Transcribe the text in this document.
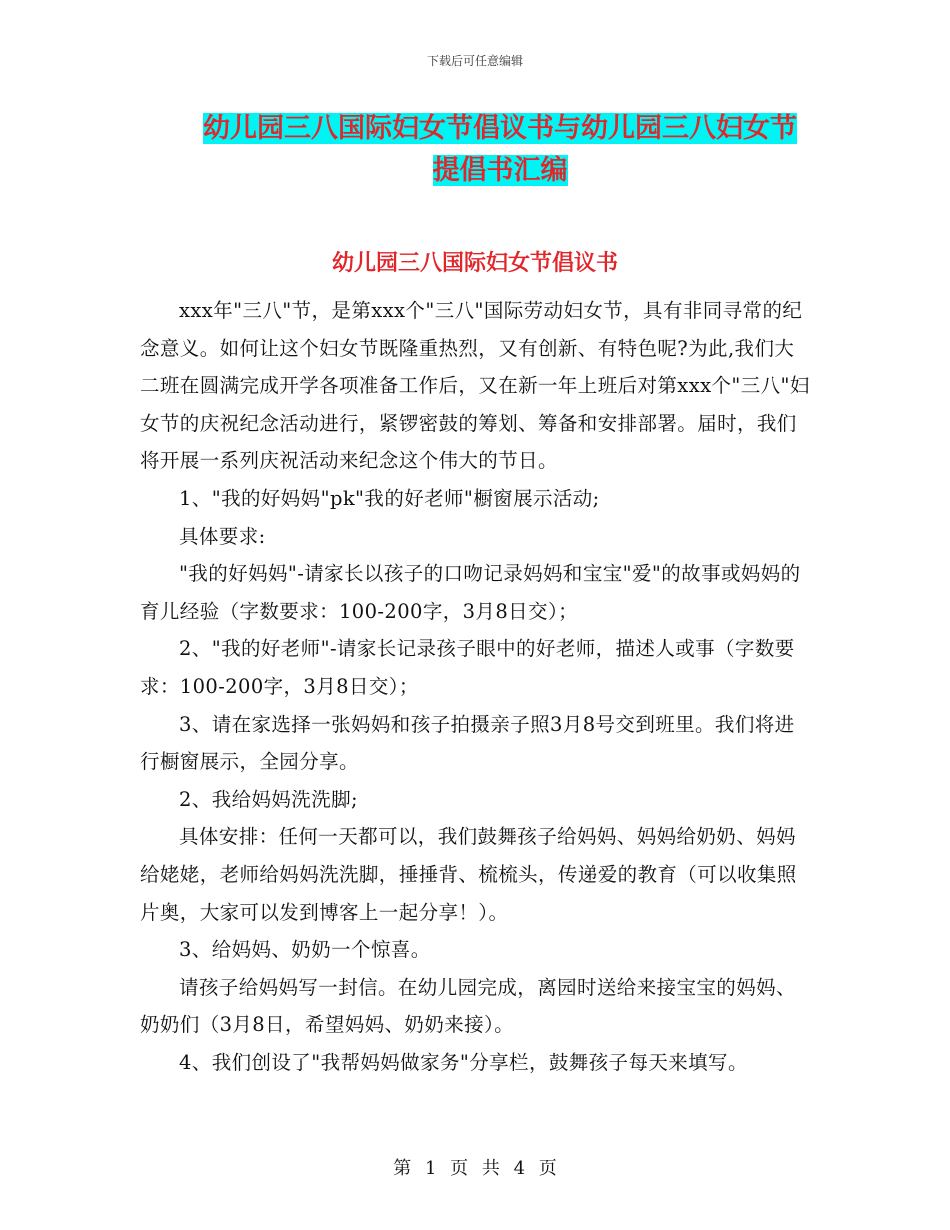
下载后可任意编辑
幼儿园三八国际妇女节倡议书与幼儿园三八妇女节提倡书汇编
幼儿园三八国际妇女节倡议书

xxx年"三八"节，是第xxx个"三八"国际劳动妇女节，具有非同寻常的纪念意义。如何让这个妇女节既隆重热烈，又有创新、有特色呢?为此,我们大二班在圆满完成开学各项准备工作后，又在新一年上班后对第xxx个"三八"妇女节的庆祝纪念活动进行，紧锣密鼓的筹划、筹备和安排部署。届时，我们将开展一系列庆祝活动来纪念这个伟大的节日。

1、"我的好妈妈"pk"我的好老师"橱窗展示活动;

具体要求:

"我的好妈妈"-请家长以孩子的口吻记录妈妈和宝宝"爱"的故事或妈妈的育儿经验（字数要求：100-200字，3月8日交）；

2、"我的好老师"-请家长记录孩子眼中的好老师，描述人或事（字数要求：100-200字，3月8日交）；

3、请在家选择一张妈妈和孩子拍摄亲子照3月8号交到班里。我们将进行橱窗展示，全园分享。

2、我给妈妈洗洗脚;

具体安排：任何一天都可以，我们鼓舞孩子给妈妈、妈妈给奶奶、妈妈给姥姥，老师给妈妈洗洗脚，捶捶背、梳梳头，传递爱的教育（可以收集照片奥，大家可以发到博客上一起分享！）。

3、给妈妈、奶奶一个惊喜。

请孩子给妈妈写一封信。在幼儿园完成，离园时送给来接宝宝的妈妈、奶奶们（3月8日，希望妈妈、奶奶来接）。

4、我们创设了"我帮妈妈做家务"分享栏，鼓舞孩子每天来填写。

第 1 页 共 4 页
